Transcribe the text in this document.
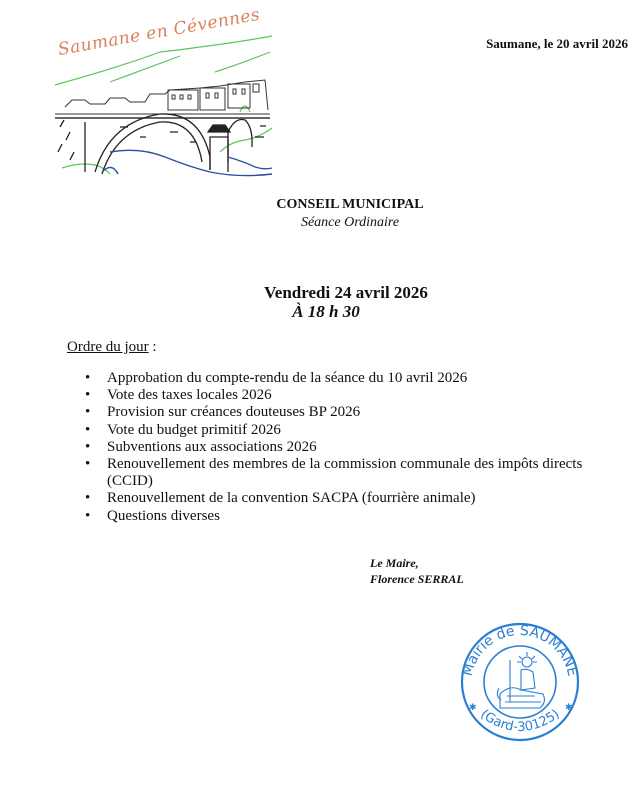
Saumane en Cévennes	Saumane, le 20 avril 2026
CONSEIL MUNICIPAL
Séance Ordinaire
Vendredi 24 avril 2026
À 18 h 30
Ordre du jour :
• Approbation du compte-rendu de la séance du 10 avril 2026
• Vote des taxes locales 2026
• Provision sur créances douteuses BP 2026
• Vote du budget primitif 2026
• Subventions aux associations 2026
• Renouvellement des membres de la commission communale des impôts directs (CCID)
• Renouvellement de la convention SACPA (fourrière animale)
• Questions diverses
Le Maire,
Florence SERRAL
Mairie de SAUMANE
(Gard-30125)
✱	✱
